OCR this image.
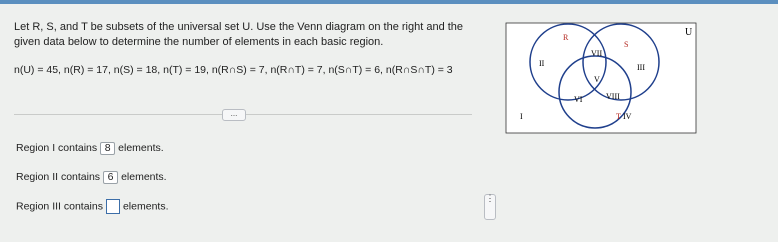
Let R, S, and T be subsets of the universal set U. Use the Venn diagram on the right and the given data below to determine the number of elements in each basic region.
n(U) = 45, n(R) = 17, n(S) = 18, n(T) = 19, n(R∩S) = 7, n(R∩T) = 7, n(S∩T) = 6, n(R∩S∩T) = 3
...
Region I contains 8 elements.
Region II contains 6 elements.
Region III contains elements.
U
R
S
T
I
II	III
IV
V
VI
VII
VIII
⋮
